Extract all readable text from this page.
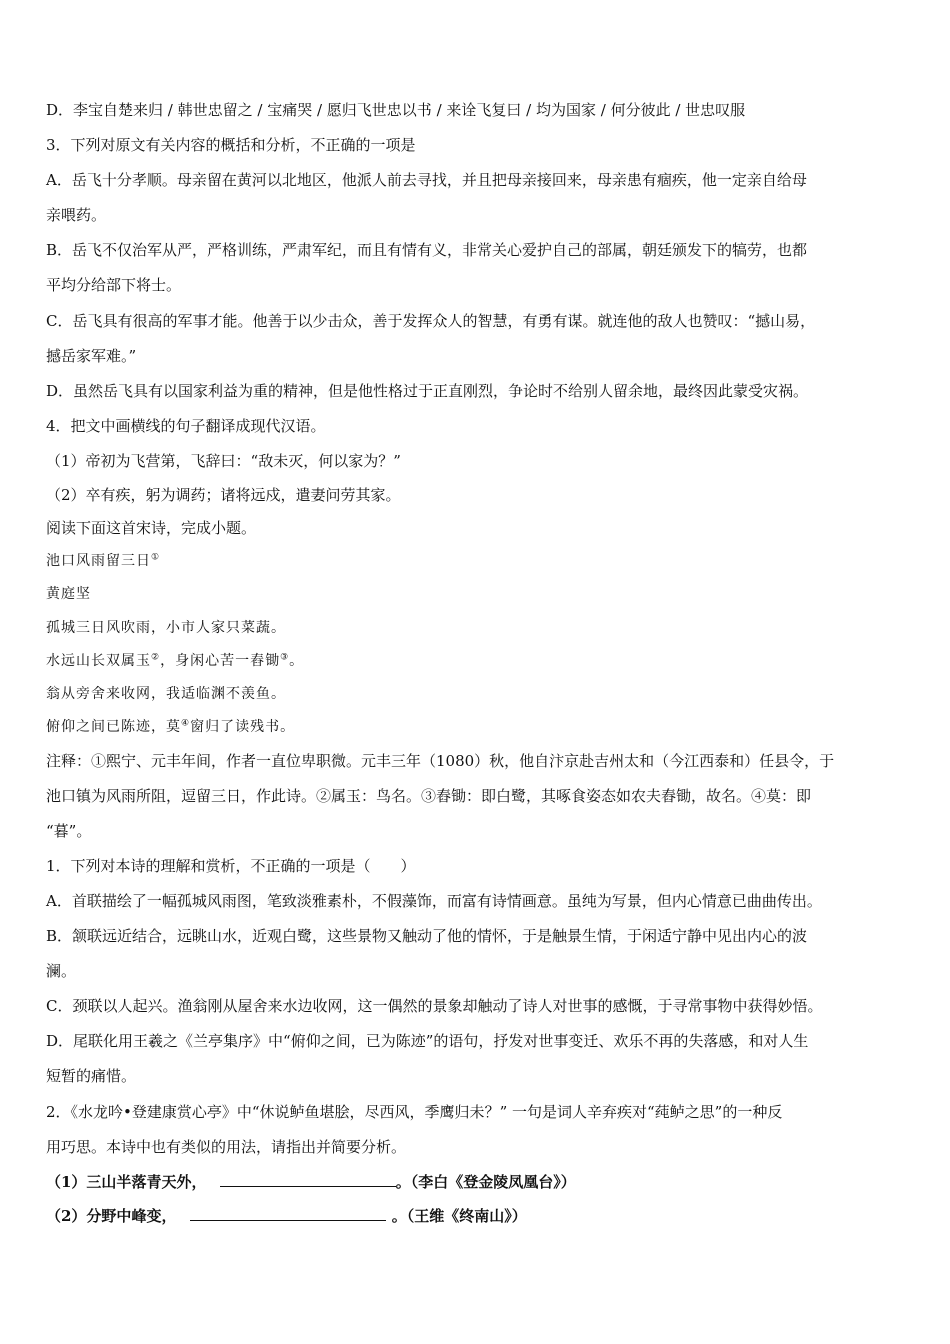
D．李宝自楚来归 / 韩世忠留之 / 宝痛哭 / 愿归飞世忠以书 / 来诠飞复曰 / 均为国家 / 何分彼此 / 世忠叹服
3．下列对原文有关内容的概括和分析，不正确的一项是
A．岳飞十分孝顺。母亲留在黄河以北地区，他派人前去寻找，并且把母亲接回来，母亲患有痼疾，他一定亲自给母
亲喂药。
B．岳飞不仅治军从严，严格训练，严肃军纪，而且有情有义，非常关心爱护自己的部属，朝廷颁发下的犒劳，也都
平均分给部下将士。
C．岳飞具有很高的军事才能。他善于以少击众，善于发挥众人的智慧，有勇有谋。就连他的敌人也赞叹：“撼山易，
撼岳家军难。”
D．虽然岳飞具有以国家利益为重的精神，但是他性格过于正直刚烈，争论时不给别人留余地，最终因此蒙受灾祸。
4．把文中画横线的句子翻译成现代汉语。
（1）帝初为飞营第，飞辞曰：“敌未灭，何以家为？”
（2）卒有疾，躬为调药；诸将远戍，遣妻问劳其家。
阅读下面这首宋诗，完成小题。
池口风雨留三日①
黄庭坚
孤城三日风吹雨，小市人家只菜蔬。
水远山长双属玉②，身闲心苦一舂锄③。
翁从旁舍来收网，我适临渊不羡鱼。
俯仰之间已陈迹，莫④窗归了读残书。
注释：①熙宁、元丰年间，作者一直位卑职微。元丰三年（1080）秋，他自汴京赴吉州太和（今江西泰和）任县令，于
池口镇为风雨所阻，逗留三日，作此诗。②属玉：鸟名。③舂锄：即白鹭，其啄食姿态如农夫舂锄，故名。④莫：即
“暮”。
1．下列对本诗的理解和赏析，不正确的一项是（　　）
A．首联描绘了一幅孤城风雨图，笔致淡雅素朴，不假藻饰，而富有诗情画意。虽纯为写景，但内心情意已曲曲传出。
B．颔联远近结合，远眺山水，近观白鹭，这些景物又触动了他的情怀，于是触景生情，于闲适宁静中见出内心的波
澜。
C．颈联以人起兴。渔翁刚从屋舍来水边收网，这一偶然的景象却触动了诗人对世事的感慨，于寻常事物中获得妙悟。
D．尾联化用王羲之《兰亭集序》中“俯仰之间，已为陈迹”的语句，抒发对世事变迁、欢乐不再的失落感，和对人生
短暂的痛惜。
2．《水龙吟•登建康赏心亭》中“休说鲈鱼堪脍，尽西风，季鹰归未？” 一句是词人辛弃疾对“莼鲈之思”的一种反
用巧思。本诗中也有类似的用法，请指出并简要分析。
（1）三山半落青天外，	。（李白《登金陵凤凰台》）
（2）分野中峰变，	。（王维《终南山》）
